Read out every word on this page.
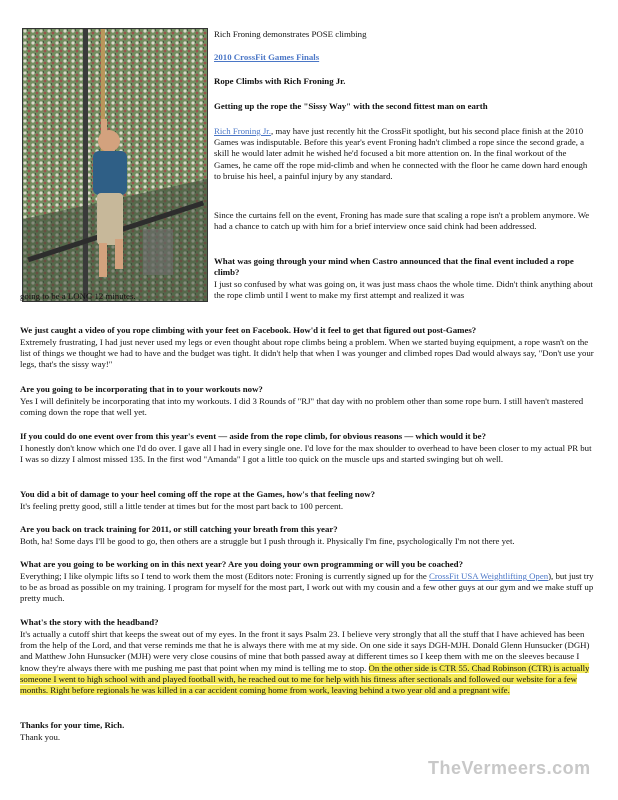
Rich Froning demonstrates POSE climbing

2010 CrossFit Games Finals

Rope Climbs with Rich Froning Jr.

Getting up the rope the "Sissy Way" with the second fittest man on earth

Rich Froning Jr., may have just recently hit the CrossFit spotlight, but his second place finish at the 2010 Games was indisputable. Before this year's event Froning hadn't climbed a rope since the second grade, a skill he would later admit he wished he'd focused a bit more attention on. In the final workout of the Games, he came off the rope mid-climb and when he connected with the floor he came down hard enough to bruise his heel, a painful injury by any standard.

Since the curtains fell on the event, Froning has made sure that scaling a rope isn't a problem anymore. We had a chance to catch up with him for a brief interview once said chink had been addressed.

What was going through your mind when Castro announced that the final event included a rope climb?

I just so confused by what was going on, it was just mass chaos the whole time. Didn't think anything about the rope climb until I went to make my first attempt and realized it was

going to be a LONG 12 minutes.

We just caught a video of you rope climbing with your feet on Facebook. How'd it feel to get that figured out post-Games?

Extremely frustrating, I had just never used my legs or even thought about rope climbs being a problem. When we started buying equipment, a rope wasn't on the list of things we thought we had to have and the budget was tight. It didn't help that when I was younger and climbed ropes Dad would always say, "Don't use your legs, that's the sissy way!"

Are you going to be incorporating that in to your workouts now?

Yes I will definitely be incorporating that into my workouts. I did 3 Rounds of "RJ" that day with no problem other than some rope burn. I still haven't mastered coming down the rope that well yet.

If you could do one event over from this year's event — aside from the rope climb, for obvious reasons — which would it be?

I honestly don't know which one I'd do over. I gave all I had in every single one. I'd love for the max shoulder to overhead to have been closer to my actual PR but I was so dizzy I almost missed 135. In the first wod "Amanda" I got a little too quick on the muscle ups and started swinging but oh well.

You did a bit of damage to your heel coming off the rope at the Games, how's that feeling now?

It's feeling pretty good, still a little tender at times but for the most part back to 100 percent.

Are you back on track training for 2011, or still catching your breath from this year?

Both, ha! Some days I'll be good to go, then others are a struggle but I push through it. Physically I'm fine, psychologically I'm not there yet.

What are you going to be working on in this next year? Are you doing your own programming or will you be coached?

Everything; I like olympic lifts so I tend to work them the most (Editors note: Froning is currently signed up for the CrossFit USA Weightlifting Open), but just try to be as broad as possible on my training. I program for myself for the most part, I work out with my cousin and a few other guys at our gym and we make stuff up pretty much.

What's the story with the headband?

It's actually a cutoff shirt that keeps the sweat out of my eyes. In the front it says Psalm 23. I believe very strongly that all the stuff that I have achieved has been from the help of the Lord, and that verse reminds me that he is always there with me at my side. On one side it says DGH-MJH. Donald Glenn Hunsucker (DGH) and Matthew John Hunsucker (MJH) were very close cousins of mine that both passed away at different times so I keep them with me on the sleeves because I know they're always there with me pushing me past that point when my mind is telling me to stop. On the other side is CTR 55. Chad Robinson (CTR) is actually someone I went to high school with and played football with, he reached out to me for help with his fitness after sectionals and followed our website for a few months. Right before regionals he was killed in a car accident coming home from work, leaving behind a two year old and a pregnant wife.

Thanks for your time, Rich.

Thank you.

TheVermeers.com
